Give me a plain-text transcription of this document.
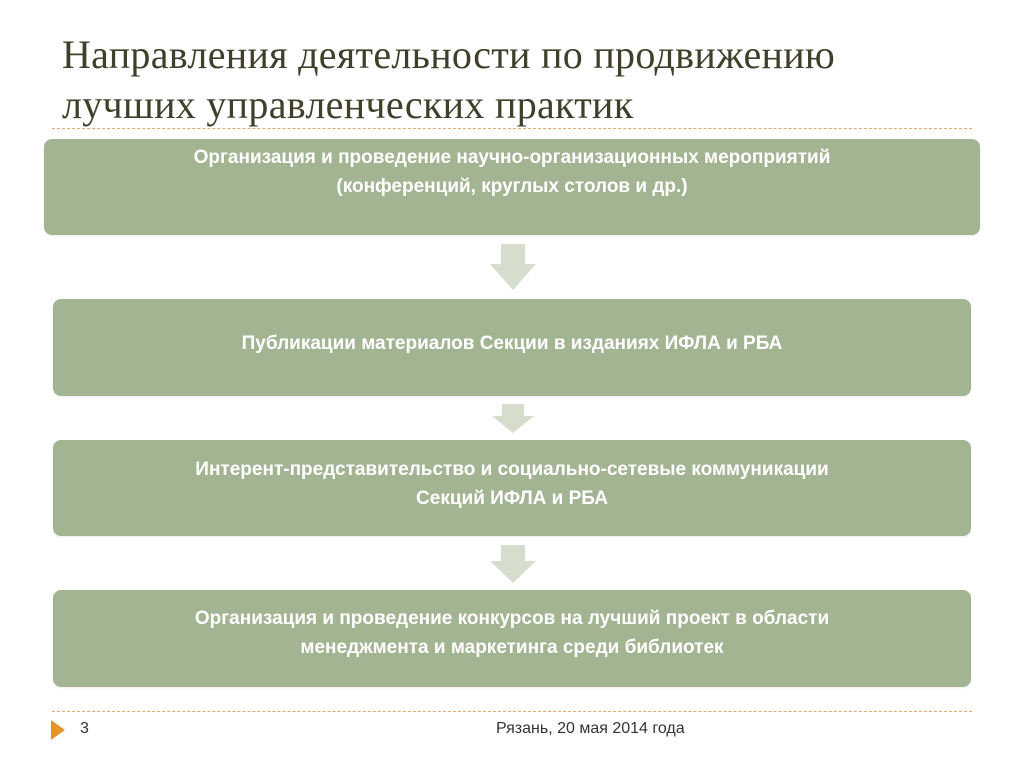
Направления деятельности по продвижению
лучших управленческих практик
Организация и проведение научно-организационных мероприятий
(конференций, круглых столов и др.)
Публикации материалов Секции в изданиях ИФЛА и РБА
Интерент-представительство и социально-сетевые коммуникации
Секций ИФЛА и РБА
Организация и проведение конкурсов на лучший проект в области
менеджмента и маркетинга среди библиотек
3	Рязань, 20 мая 2014 года
